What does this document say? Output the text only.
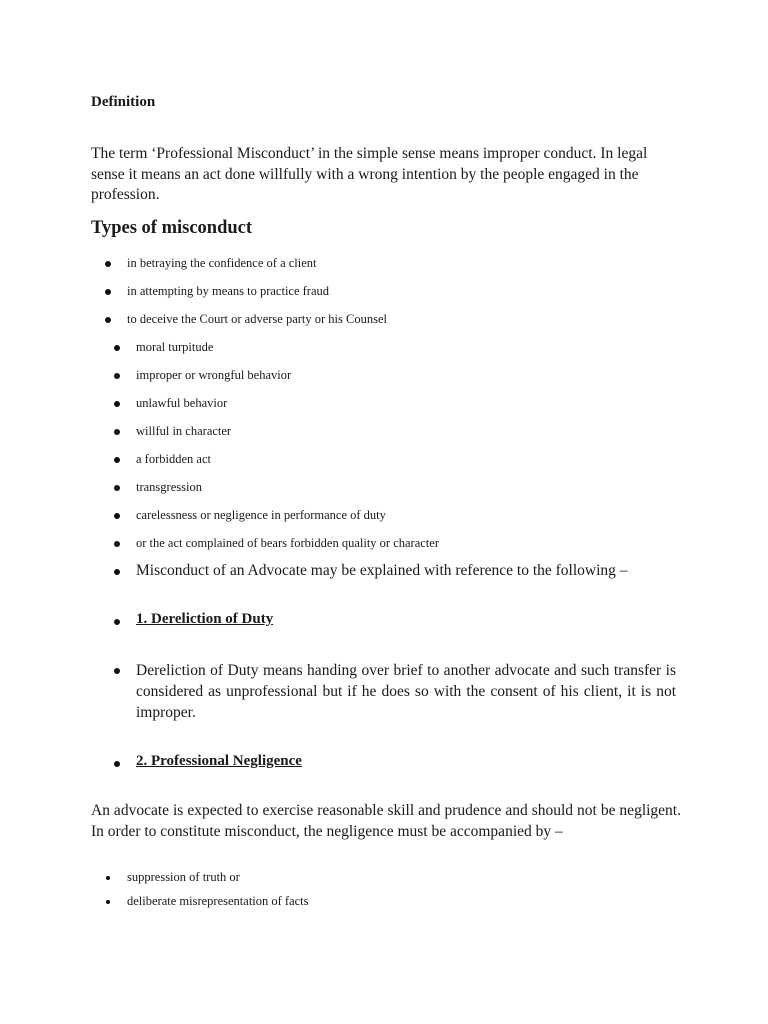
Definition
The term ‘Professional Misconduct’ in the simple sense means improper conduct. In legal sense it means an act done willfully with a wrong intention by the people engaged in the profession.
Types of misconduct
in betraying the confidence of a client
in attempting by means to practice fraud
to deceive the Court or adverse party or his Counsel
moral turpitude
improper or wrongful behavior
unlawful behavior
willful in character
a forbidden act
transgression
carelessness or negligence in performance of duty
or the act complained of bears forbidden quality or character
Misconduct of an Advocate may be explained with reference to the following –
1. Dereliction of Duty
Dereliction of Duty means handing over brief to another advocate and such transfer is considered as unprofessional but if he does so with the consent of his client, it is not improper.
2. Professional Negligence
An advocate is expected to exercise reasonable skill and prudence and should not be negligent. In order to constitute misconduct, the negligence must be accompanied by –
suppression of truth or
deliberate misrepresentation of facts
